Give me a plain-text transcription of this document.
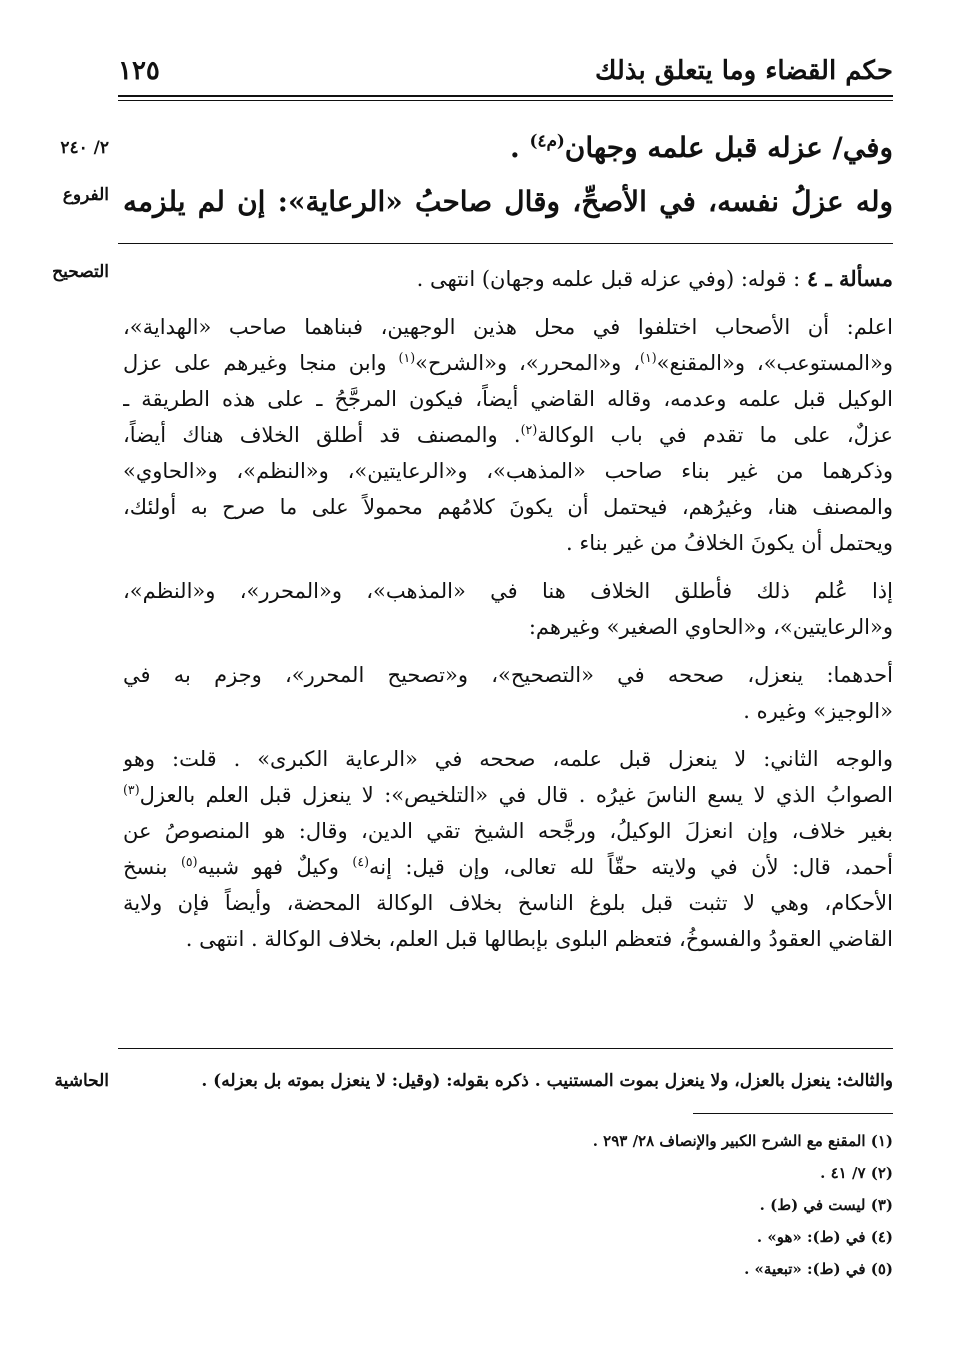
حكم القضاء وما يتعلق بذلك
١٢٥
٢/ ٢٤٠
الفروع
التصحيح
الحاشية
وفي/ عزله قبل علمه وجهان$^{(م٤)}$ .
وله عزلُ نفسه، في الأصحِّ، وقال صاحبُ «الرعاية»: إن لم يلزمه
مسألة ـ ٤ : قوله: (وفي عزله قبل علمه وجهان) انتهى .
اعلم: أن الأصحاب اختلفوا في محل هذين الوجهين، فبناهما صاحب «الهداية»،
و«المستوعب»، و«المقنع»$^{(١)}$، و«المحرر»، و«الشرح»$^{(١)}$ وابن منجا وغيرهم على عزل
الوكيل قبل علمه وعدمه، وقاله القاضي أيضاً، فيكون المرجَّحُ ـ على هذه الطريقة ـ
عزلٌ، على ما تقدم في باب الوكالة$^{(٢)}$. والمصنف قد أطلق الخلاف هناك أيضاً،
وذكرهما من غير بناء صاحب «المذهب»، و«الرعايتين»، و«النظم»، و«الحاوي»
والمصنف هنا، وغيرُهم، فيحتمل أن يكونَ كلامُهم محمولاً على ما صرح به أولئك،
ويحتمل أن يكونَ الخلافُ من غير بناء .
إذا عُلم ذلك فأطلق الخلاف هنا في «المذهب»، و«المحرر»، و«النظم»،
و«الرعايتين»، و«الحاوي الصغير» وغيرهم:
أحدهما: ينعزل، صححه في «التصحيح»، و«تصحيح المحرر»، وجزم به في
«الوجيز» وغيره .
والوجه الثاني: لا ينعزل قبل علمه، صححه في «الرعاية الكبرى» . قلت: وهو
الصوابُ الذي لا يسع الناسَ غيرُه . قال في «التلخيص»: لا ينعزل قبل العلم بالعزل$^{(٣)}$
بغير خلاف، وإن انعزلَ الوكيلُ، ورجَّحه الشيخ تقي الدين، وقال: هو المنصوصُ عن
أحمد، قال: لأن في ولايته حقّاً لله تعالى، وإن قيل: إنه$^{(٤)}$ وكيلٌ فهو شبيه$^{(٥)}$ بنسخ
الأحكام، وهي لا تثبت قبل بلوغ الناسخ بخلاف الوكالة المحضة، وأيضاً فإن ولاية
القاضي العقودُ والفسوخُ، فتعظم البلوى بإبطالها قبل العلم، بخلاف الوكالة . انتهى .
والثالث: ينعزل بالعزل، ولا ينعزل بموت المستنيب . ذكره بقوله: (وقيل: لا ينعزل بموته بل بعزله) .
(١) المقنع مع الشرح الكبير والإنصاف ٢٨/ ٢٩٣ .
(٢) ٧/ ٤١ .
(٣) ليست في (ط) .
(٤) في (ط): «هو» .
(٥) في (ط): «تبعية» .
